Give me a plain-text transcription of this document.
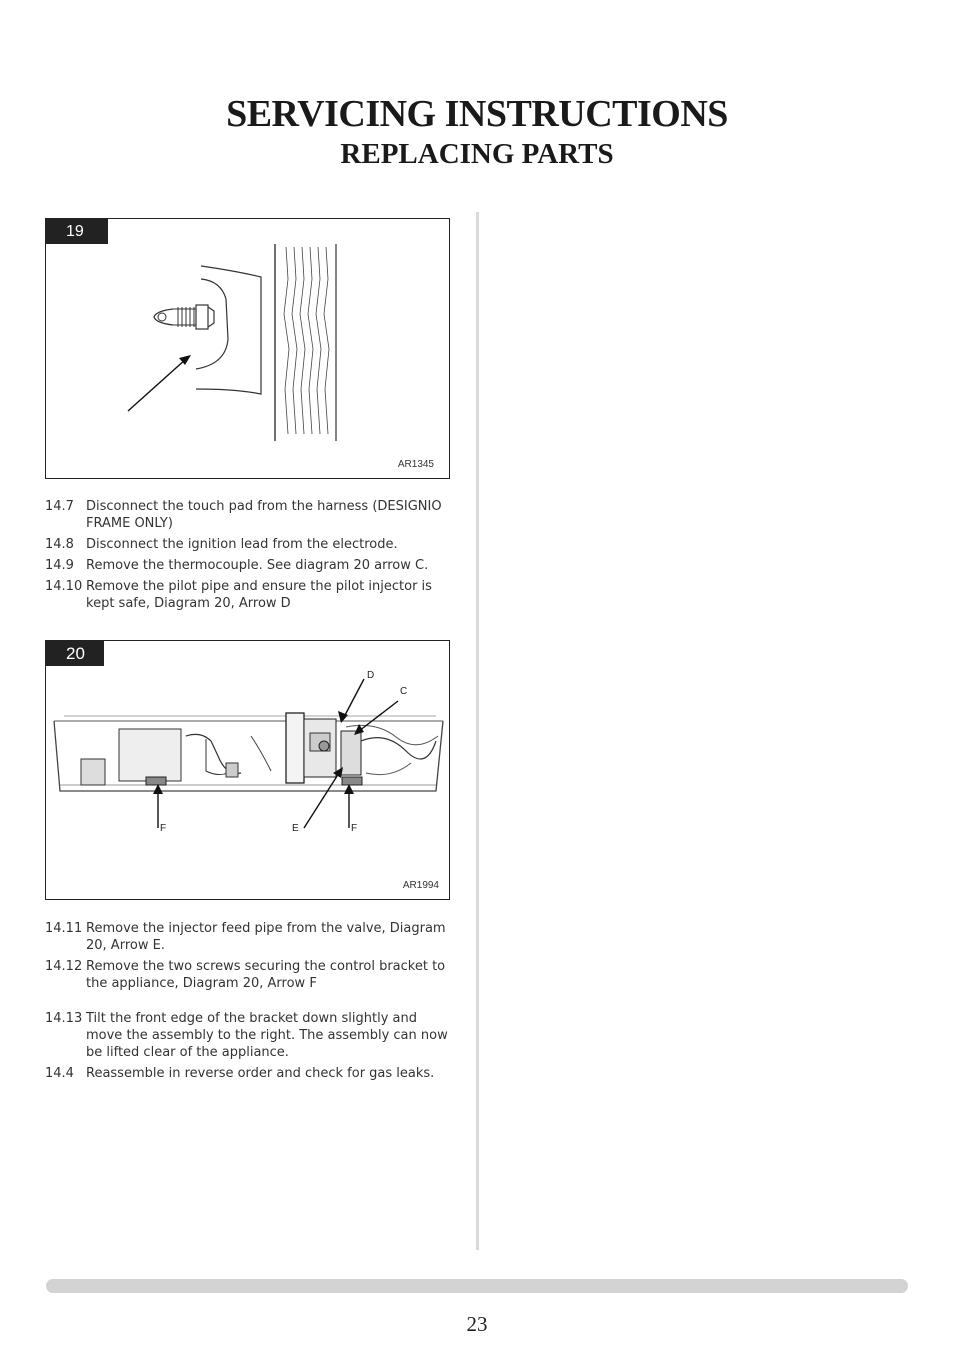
SERVICING INSTRUCTIONS
REPLACING PARTS
19
AR1345
14.7 Disconnect the touch pad from the harness (DESIGNIO FRAME ONLY)
14.8 Disconnect the ignition lead from the electrode.
14.9 Remove the thermocouple. See diagram 20 arrow C.
14.10 Remove the pilot pipe and ensure the pilot injector is kept safe, Diagram 20, Arrow D
20
D
C
F	E	F
AR1994
14.11 Remove the injector feed pipe from the valve, Diagram 20, Arrow E.
14.12 Remove the two screws securing the control bracket to the appliance, Diagram 20, Arrow F
14.13 Tilt the front edge of the bracket down slightly and move the assembly to the right. The assembly can now be lifted clear of the appliance.
14.4 Reassemble in reverse order and check for gas leaks.
23
